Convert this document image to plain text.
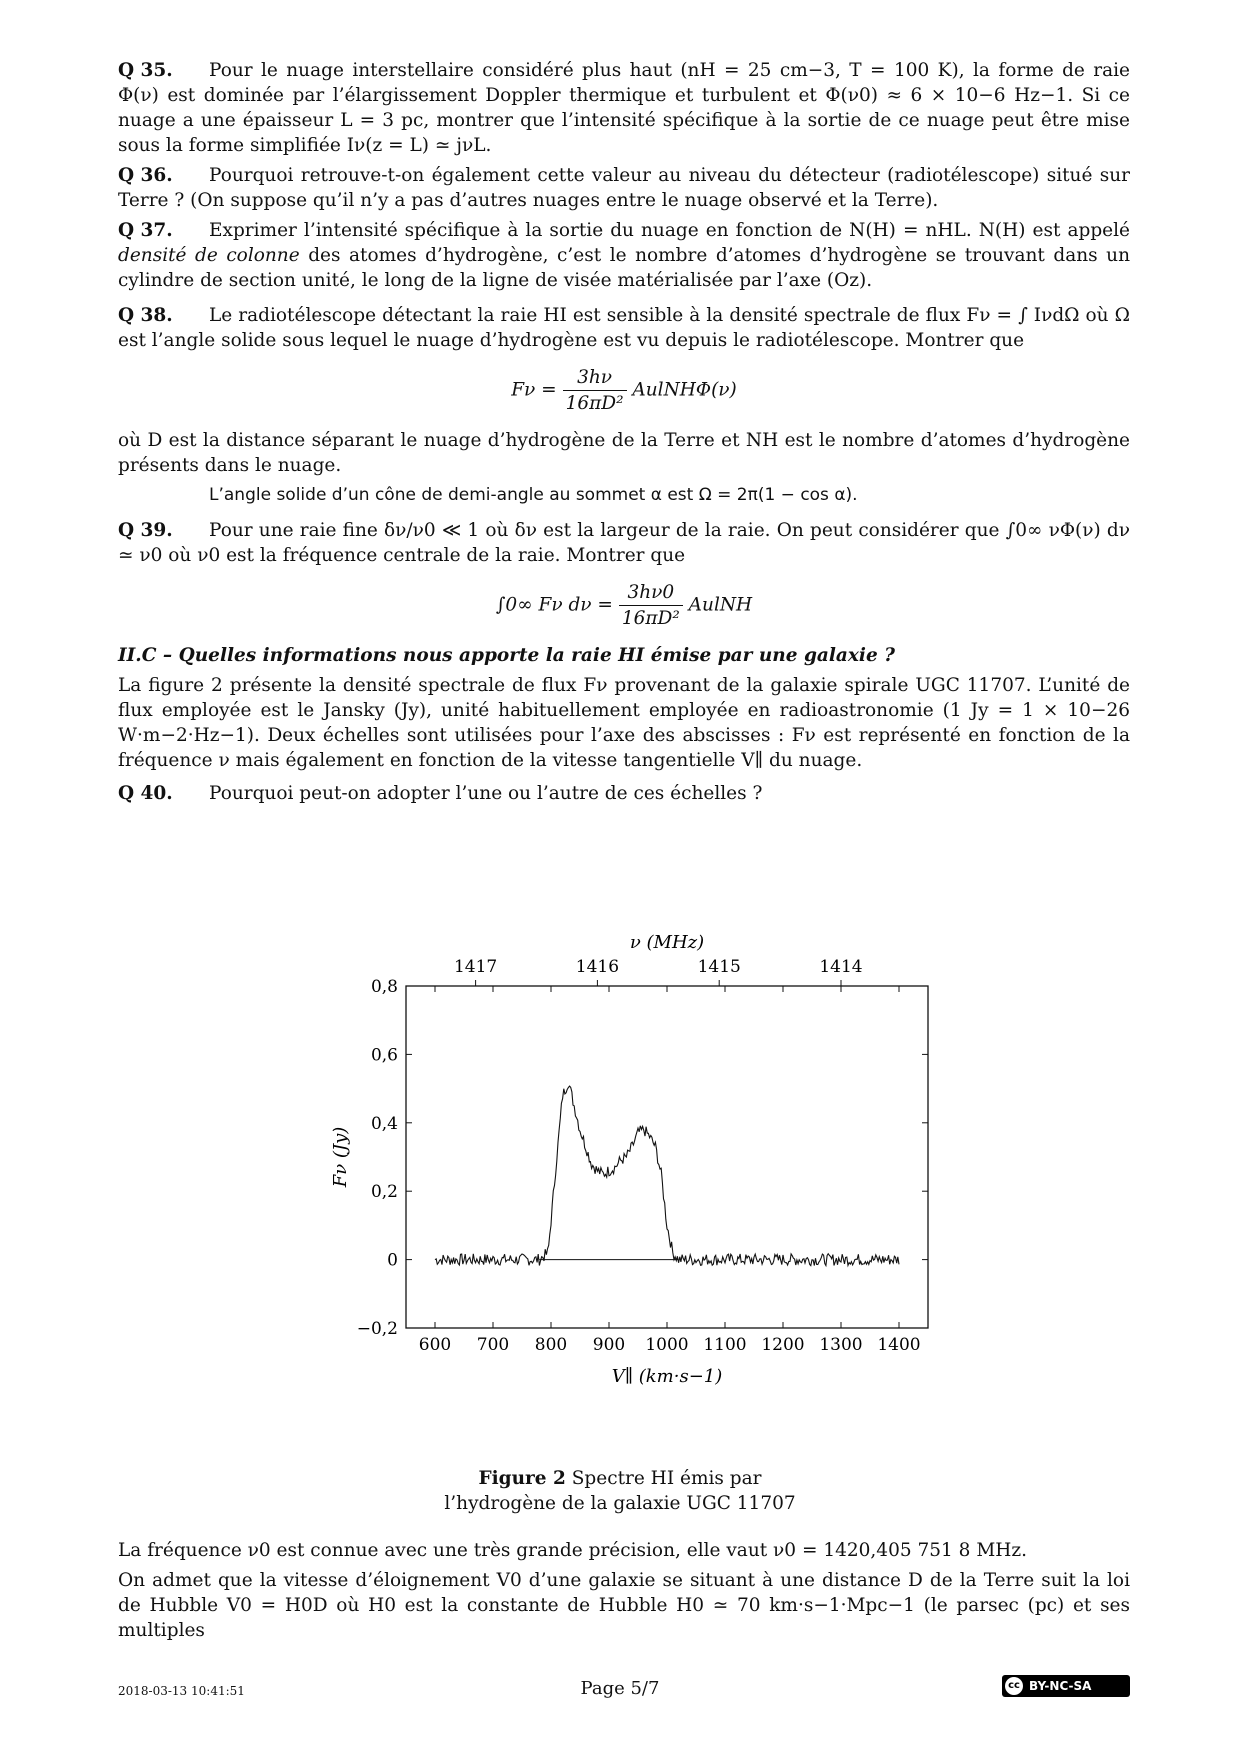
Q 35. Pour le nuage interstellaire considéré plus haut (nH = 25 cm−3, T = 100 K), la forme de raie Φ(ν) est dominée par l’élargissement Doppler thermique et turbulent et Φ(ν0) ≈ 6 × 10−6 Hz−1. Si ce nuage a une épaisseur L = 3 pc, montrer que l’intensité spécifique à la sortie de ce nuage peut être mise sous la forme simplifiée Iν(z = L) ≃ jνL.

Q 36. Pourquoi retrouve-t-on également cette valeur au niveau du détecteur (radiotélescope) situé sur Terre ? (On suppose qu’il n’y a pas d’autres nuages entre le nuage observé et la Terre).

Q 37. Exprimer l’intensité spécifique à la sortie du nuage en fonction de N(H) = nHL. N(H) est appelé densité de colonne des atomes d’hydrogène, c’est le nombre d’atomes d’hydrogène se trouvant dans un cylindre de section unité, le long de la ligne de visée matérialisée par l’axe (Oz).

Q 38. Le radiotélescope détectant la raie HI est sensible à la densité spectrale de flux Fν = ∫ IνdΩ où Ω est l’angle solide sous lequel le nuage d’hydrogène est vu depuis le radiotélescope. Montrer que

$F\nu = \frac{3h\nu}{\text{16πD²}}$ AulNHΦ(ν)

où D est la distance séparant le nuage d’hydrogène de la Terre et NH est le nombre d’atomes d’hydrogène présents dans le nuage.

L’angle solide d’un cône de demi-angle au sommet α est Ω = 2π(1 − cos α).

Q 39. Pour une raie fine δν/ν0 ≪ 1 où δν est la largeur de la raie. On peut considérer que ∫0∞ νΦ(ν) dν ≃ ν0 où ν0 est la fréquence centrale de la raie. Montrer que

∫0∞ Fν $d\nu = \frac{3h\nu 0}{\text{16πD²}}$ AulNH

II.C – Quelles informations nous apporte la raie HI émise par une galaxie ?

La figure 2 présente la densité spectrale de flux Fν provenant de la galaxie spirale UGC 11707. L’unité de flux employée est le Jansky (Jy), unité habituellement employée en radioastronomie (1 Jy = 1 × 10−26 W·m−2·Hz−1). Deux échelles sont utilisées pour l’axe des abscisses : Fν est représenté en fonction de la fréquence ν mais également en fonction de la vitesse tangentielle V∥ du nuage.

Q 40. Pourquoi peut-on adopter l’une ou l’autre de ces échelles ?

600 700 800 900 1000 1100 1200 1300 1400
1417	1416	1415	1414
−0,2
0
0,2
0,4
0,6
0,8
V∥ (km·s−1)
ν (MHz)
Fν (Jy)
Figure 2 Spectre HI émis par
l’hydrogène de la galaxie UGC 11707

La fréquence ν0 est connue avec une très grande précision, elle vaut ν0 = 1420,405 751 8 MHz.

On admet que la vitesse d’éloignement V0 d’une galaxie se situant à une distance D de la Terre suit la loi de Hubble V0 = H0D où H0 est la constante de Hubble H0 ≃ 70 km·s−1·Mpc−1 (le parsec (pc) et ses multiples

2018-03-13 10:41:51	Page 5/7	cc BY-NC-SA
